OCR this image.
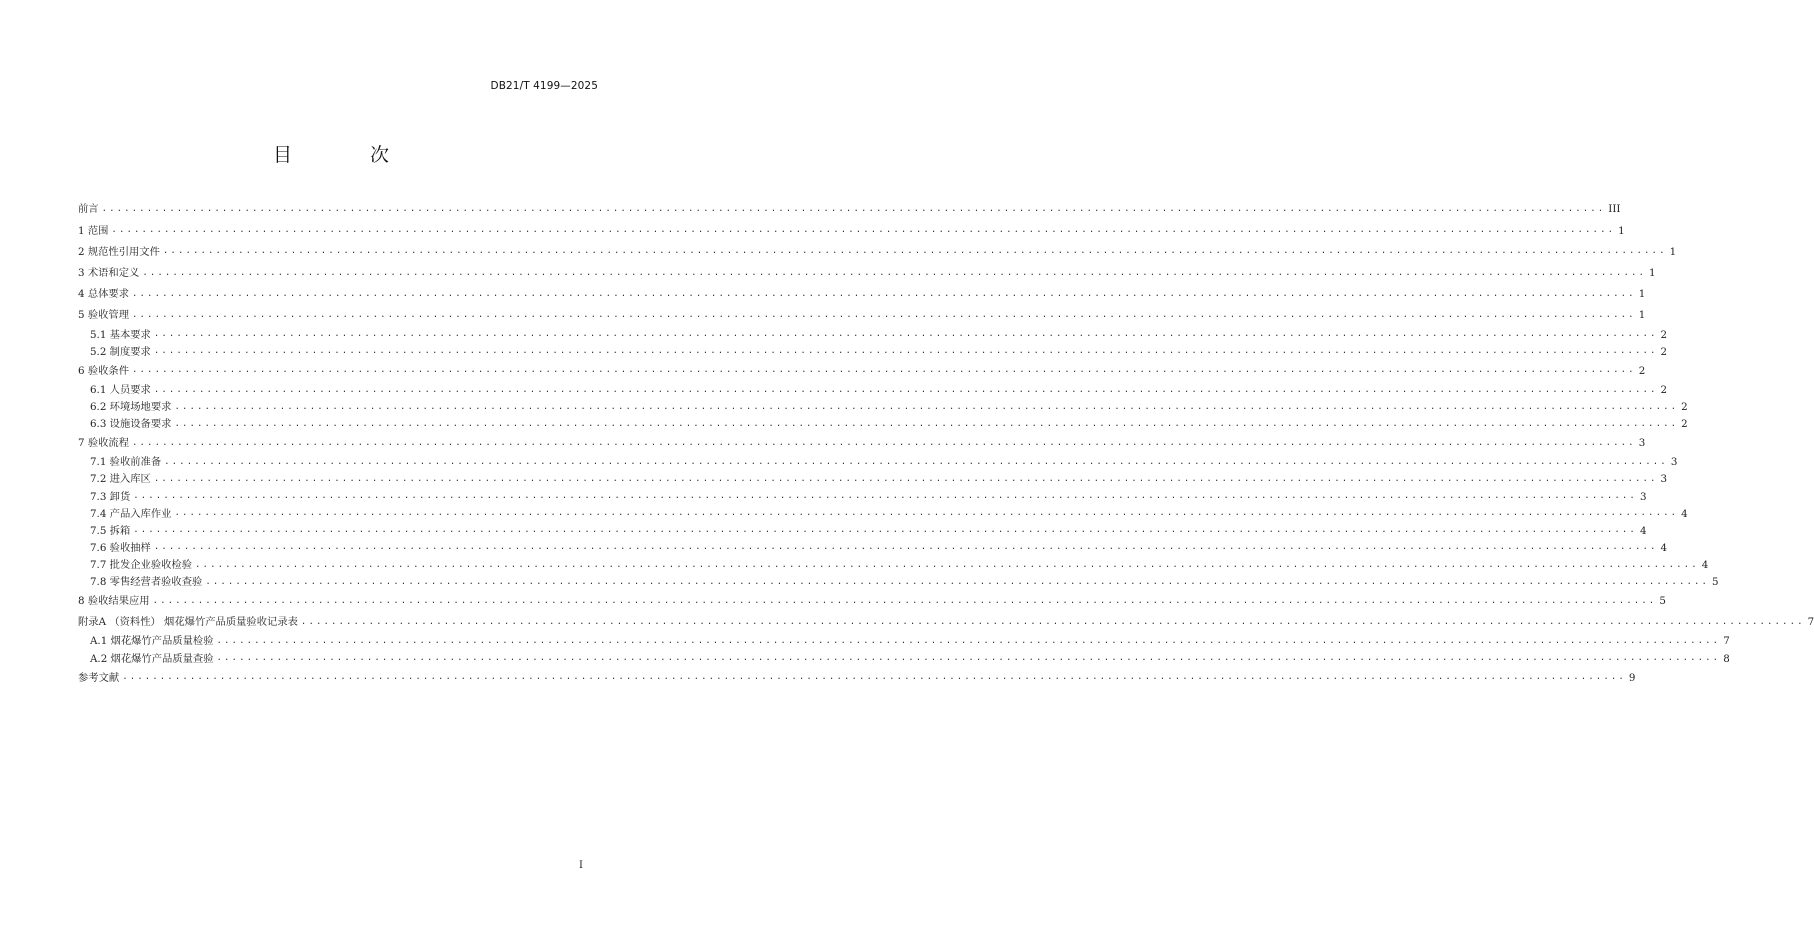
DB21/T 4199—2025
目 次
前言 ........................................................................................................................................................................................................ III
1 范围 ........................................................................................................................................................................................................ 1
2 规范性引用文件 ........................................................................................................................................................................................................ 1
3 术语和定义 ........................................................................................................................................................................................................ 1
4 总体要求 ........................................................................................................................................................................................................ 1
5 验收管理 ........................................................................................................................................................................................................ 1
5.1 基本要求 ........................................................................................................................................................................................................ 2
5.2 制度要求 ........................................................................................................................................................................................................ 2
6 验收条件 ........................................................................................................................................................................................................ 2
6.1 人员要求 ........................................................................................................................................................................................................ 2
6.2 环境场地要求 ........................................................................................................................................................................................................ 2
6.3 设施设备要求 ........................................................................................................................................................................................................ 2
7 验收流程 ........................................................................................................................................................................................................ 3
7.1 验收前准备 ........................................................................................................................................................................................................ 3
7.2 进入库区 ........................................................................................................................................................................................................ 3
7.3 卸货 ........................................................................................................................................................................................................ 3
7.4 产品入库作业 ........................................................................................................................................................................................................ 4
7.5 拆箱 ........................................................................................................................................................................................................ 4
7.6 验收抽样 ........................................................................................................................................................................................................ 4
7.7 批发企业验收检验 ........................................................................................................................................................................................................ 4
7.8 零售经营者验收查验 ........................................................................................................................................................................................................ 5
8 验收结果应用 ........................................................................................................................................................................................................ 5
附录A （资料性） 烟花爆竹产品质量验收记录表 ........................................................................................................................................................................................................ 7
A.1 烟花爆竹产品质量检验 ........................................................................................................................................................................................................ 7
A.2 烟花爆竹产品质量查验 ........................................................................................................................................................................................................ 8
参考文献 ........................................................................................................................................................................................................ 9
I
